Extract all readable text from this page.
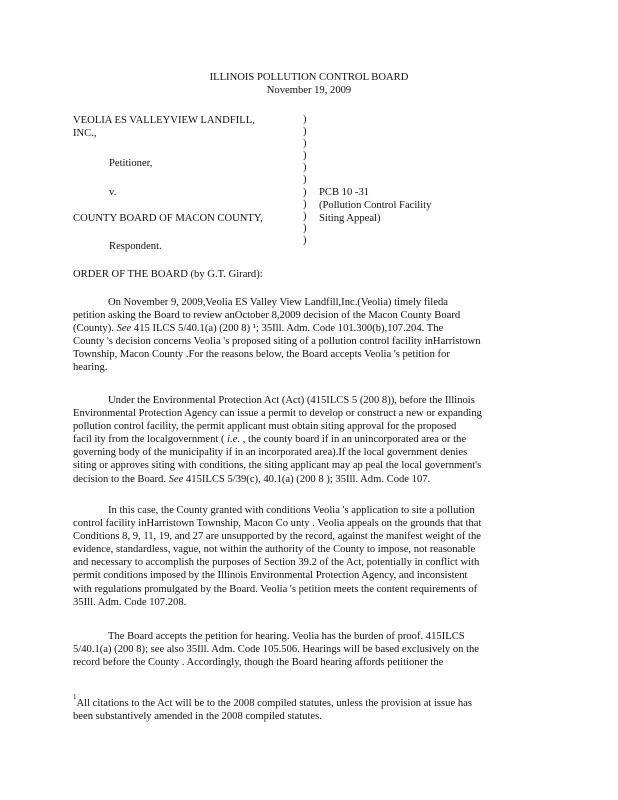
ILLINOIS POLLUTION CONTROL BOARD
November 19, 2009
VEOLIA ES VALLEYVIEW LANDFILL,
INC.,
Petitioner,
v.
COUNTY BOARD OF MACON COUNTY,
Respondent.
)
)
)
)
)
)
)
)
)
)
)
PCB 10 -31
(Pollution Control Facility
Siting Appeal)
ORDER OF THE BOARD (by G.T. Girard):
On November 9, 2009,Veolia ES Valley View Landfill,Inc.(Veolia) timely fileda
petition asking the Board to review anOctober 8,2009 decision of the Macon County Board
(County). See 415 ILCS 5/40.1(a) (200 8) ¹; 35Ill. Adm. Code 101.300(b),107.204. The
County 's decision concerns Veolia 's proposed siting of a pollution control facility inHarristown
Township, Macon County .For the reasons below, the Board accepts Veolia 's petition for
hearing.
Under the Environmental Protection Act (Act) (415ILCS 5 (200 8)), before the Illinois
Environmental Protection Agency can issue a permit to develop or construct a new or expanding
pollution control facility, the permit applicant must obtain siting approval for the proposed
facil ity from the localgovernment ( i.e. , the county board if in an unincorporated area or the
governing body of the municipality if in an incorporated area).If the local government denies
siting or approves siting with conditions, the siting applicant may ap peal the local government's
decision to the Board. See 415ILCS 5/39(c), 40.1(a) (200 8 ); 35Ill. Adm. Code 107.
In this case, the County granted with conditions Veolia 's application to site a pollution
control facility inHarristown Township, Macon Co unty . Veolia appeals on the grounds that that
Conditions 8, 9, 11, 19, and 27 are unsupported by the record, against the manifest weight of the
evidence, standardless, vague, not within the authority of the County to impose, not reasonable
and necessary to accomplish the purposes of Section 39.2 of the Act, potentially in conflict with
permit conditions imposed by the Illinois Environmental Protection Agency, and inconsistent
with regulations promulgated by the Board. Veolia 's petition meets the content requirements of
35Ill. Adm. Code 107.208.
The Board accepts the petition for hearing. Veolia has the burden of proof. 415ILCS
5/40.1(a) (200 8); see also 35Ill. Adm. Code 105.506. Hearings will be based exclusively on the
record before the County . Accordingly, though the Board hearing affords petitioner the
$^1$All citations to the Act will be to the 2008 compiled statutes, unless the provision at issue has
been substantively amended in the 2008 compiled statutes.
